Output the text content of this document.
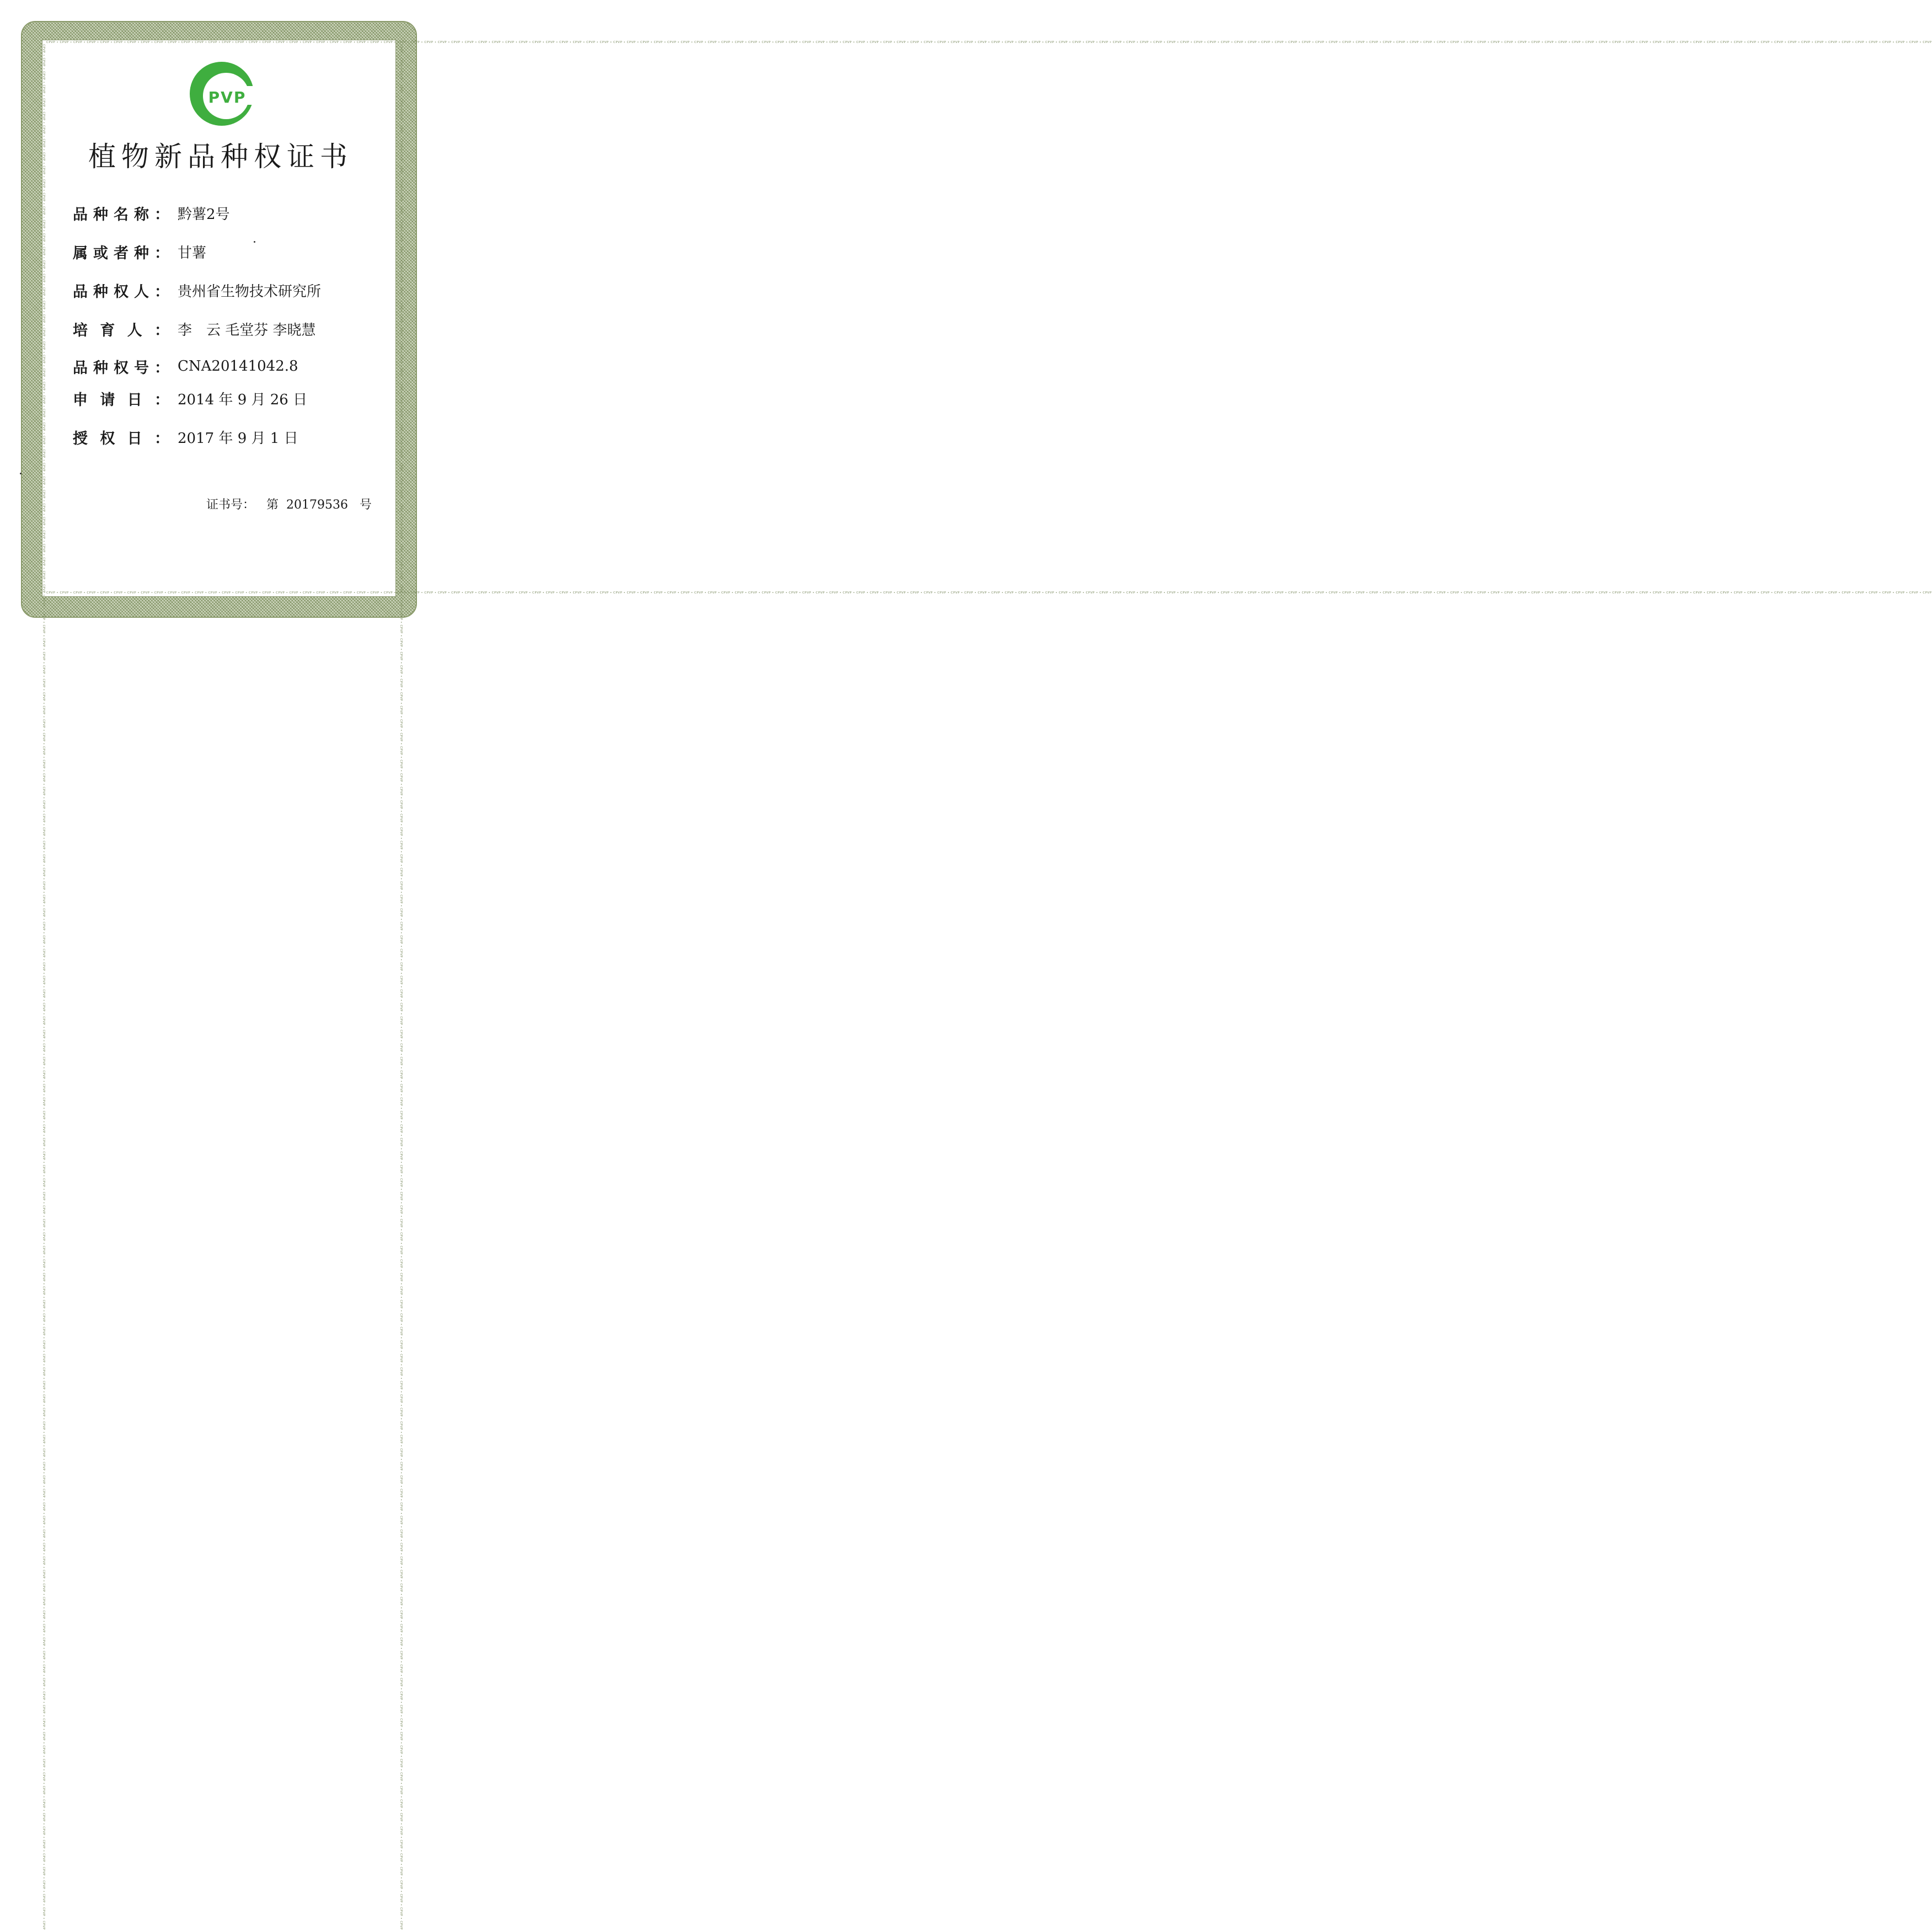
CPVP • CPVP • CPVP • CPVP • CPVP • CPVP • CPVP • CPVP • CPVP • CPVP • CPVP • CPVP • CPVP • CPVP • CPVP • CPVP • CPVP • CPVP • CPVP • CPVP • CPVP • CPVP • CPVP • CPVP • CPVP • CPVP • CPVP • CPVP • CPVP • CPVP • CPVP • CPVP • CPVP • CPVP • CPVP • CPVP • CPVP • CPVP • CPVP • CPVP • CPVP • CPVP • CPVP • CPVP • CPVP • CPVP • CPVP • CPVP • CPVP • CPVP • CPVP • CPVP • CPVP • CPVP • CPVP • CPVP • CPVP • CPVP • CPVP • CPVP • CPVP • CPVP • CPVP • CPVP • CPVP • CPVP • CPVP • CPVP • CPVP • CPVP • CPVP • CPVP • CPVP • CPVP • CPVP • CPVP • CPVP • CPVP • CPVP • CPVP • CPVP • CPVP • CPVP • CPVP • CPVP • CPVP • CPVP • CPVP • CPVP • CPVP • CPVP • CPVP • CPVP • CPVP • CPVP • CPVP • CPVP • CPVP • CPVP • CPVP • CPVP • CPVP • CPVP • CPVP • CPVP • CPVP • CPVP • CPVP • CPVP • CPVP • CPVP • CPVP • CPVP • CPVP • CPVP • CPVP • CPVP • CPVP • CPVP • CPVP • CPVP • CPVP • CPVP • CPVP • CPVP • CPVP • CPVP • CPVP • CPVP • CPVP • CPVP • CPVP • CPVP • CPVP • CPVP • CPVP • CPVP • CPVP • CPVP • CPVP
CPVP • CPVP • CPVP • CPVP • CPVP • CPVP • CPVP • CPVP • CPVP • CPVP • CPVP • CPVP • CPVP • CPVP • CPVP • CPVP • CPVP • CPVP • CPVP • CPVP • CPVP • CPVP • CPVP • CPVP • CPVP • CPVP • CPVP • CPVP • CPVP • CPVP • CPVP • CPVP • CPVP • CPVP • CPVP • CPVP • CPVP • CPVP • CPVP • CPVP • CPVP • CPVP • CPVP • CPVP • CPVP • CPVP • CPVP • CPVP • CPVP • CPVP • CPVP • CPVP • CPVP • CPVP • CPVP • CPVP • CPVP • CPVP • CPVP • CPVP • CPVP • CPVP • CPVP • CPVP • CPVP • CPVP • CPVP • CPVP • CPVP • CPVP • CPVP • CPVP • CPVP • CPVP • CPVP • CPVP • CPVP • CPVP • CPVP • CPVP • CPVP • CPVP • CPVP • CPVP • CPVP • CPVP • CPVP • CPVP • CPVP • CPVP • CPVP • CPVP • CPVP • CPVP • CPVP • CPVP • CPVP • CPVP • CPVP • CPVP • CPVP • CPVP • CPVP • CPVP • CPVP • CPVP • CPVP • CPVP • CPVP • CPVP • CPVP • CPVP • CPVP • CPVP • CPVP • CPVP • CPVP • CPVP • CPVP • CPVP • CPVP • CPVP • CPVP • CPVP • CPVP • CPVP • CPVP • CPVP • CPVP • CPVP • CPVP • CPVP • CPVP • CPVP • CPVP • CPVP • CPVP • CPVP • CPVP • CPVP
CPVP • CPVP • CPVP • CPVP • CPVP • CPVP • CPVP • CPVP • CPVP • CPVP • CPVP • CPVP • CPVP • CPVP • CPVP • CPVP • CPVP • CPVP • CPVP • CPVP • CPVP • CPVP • CPVP • CPVP • CPVP • CPVP • CPVP • CPVP • CPVP • CPVP • CPVP • CPVP • CPVP • CPVP • CPVP • CPVP • CPVP • CPVP • CPVP • CPVP • CPVP • CPVP • CPVP • CPVP • CPVP • CPVP • CPVP • CPVP • CPVP • CPVP • CPVP • CPVP • CPVP • CPVP • CPVP • CPVP • CPVP • CPVP • CPVP • CPVP • CPVP • CPVP • CPVP • CPVP • CPVP • CPVP • CPVP • CPVP • CPVP • CPVP • CPVP • CPVP • CPVP • CPVP • CPVP • CPVP • CPVP • CPVP • CPVP • CPVP • CPVP • CPVP • CPVP • CPVP • CPVP • CPVP • CPVP • CPVP • CPVP • CPVP • CPVP • CPVP • CPVP • CPVP • CPVP • CPVP • CPVP • CPVP • CPVP • CPVP • CPVP • CPVP • CPVP • CPVP • CPVP • CPVP • CPVP • CPVP • CPVP • CPVP • CPVP • CPVP • CPVP • CPVP • CPVP • CPVP • CPVP • CPVP • CPVP • CPVP • CPVP • CPVP • CPVP • CPVP • CPVP • CPVP • CPVP • CPVP • CPVP • CPVP • CPVP • CPVP • CPVP • CPVP • CPVP • CPVP • CPVP • CPVP • CPVP • CPVP	CPVP • CPVP • CPVP • CPVP • CPVP • CPVP • CPVP • CPVP • CPVP • CPVP • CPVP • CPVP • CPVP • CPVP • CPVP • CPVP • CPVP • CPVP • CPVP • CPVP • CPVP • CPVP • CPVP • CPVP • CPVP • CPVP • CPVP • CPVP • CPVP • CPVP • CPVP • CPVP • CPVP • CPVP • CPVP • CPVP • CPVP • CPVP • CPVP • CPVP • CPVP • CPVP • CPVP • CPVP • CPVP • CPVP • CPVP • CPVP • CPVP • CPVP • CPVP • CPVP • CPVP • CPVP • CPVP • CPVP • CPVP • CPVP • CPVP • CPVP • CPVP • CPVP • CPVP • CPVP • CPVP • CPVP • CPVP • CPVP • CPVP • CPVP • CPVP • CPVP • CPVP • CPVP • CPVP • CPVP • CPVP • CPVP • CPVP • CPVP • CPVP • CPVP • CPVP • CPVP • CPVP • CPVP • CPVP • CPVP • CPVP • CPVP • CPVP • CPVP • CPVP • CPVP • CPVP • CPVP • CPVP • CPVP • CPVP • CPVP • CPVP • CPVP • CPVP • CPVP • CPVP • CPVP • CPVP • CPVP • CPVP • CPVP • CPVP • CPVP • CPVP • CPVP • CPVP • CPVP • CPVP • CPVP • CPVP • CPVP • CPVP • CPVP • CPVP • CPVP • CPVP • CPVP • CPVP • CPVP • CPVP • CPVP • CPVP • CPVP • CPVP • CPVP • CPVP • CPVP • CPVP • CPVP • CPVP • CPVP
PVP
植物新品种权证书
品 种 名 称 ： 黔薯2号
属 或 者 种 ： 甘薯
品 种 权 人 ： 贵州省生物技术研究所
培 育 人 ： 李　云 毛堂芬 李晓慧
品 种 权 号 ： CNA20141042.8
申 请 日 ： 2014 年 9 月 26 日
授 权 日 ： 2017 年 9 月 1 日
证书号：   第  20179536   号
